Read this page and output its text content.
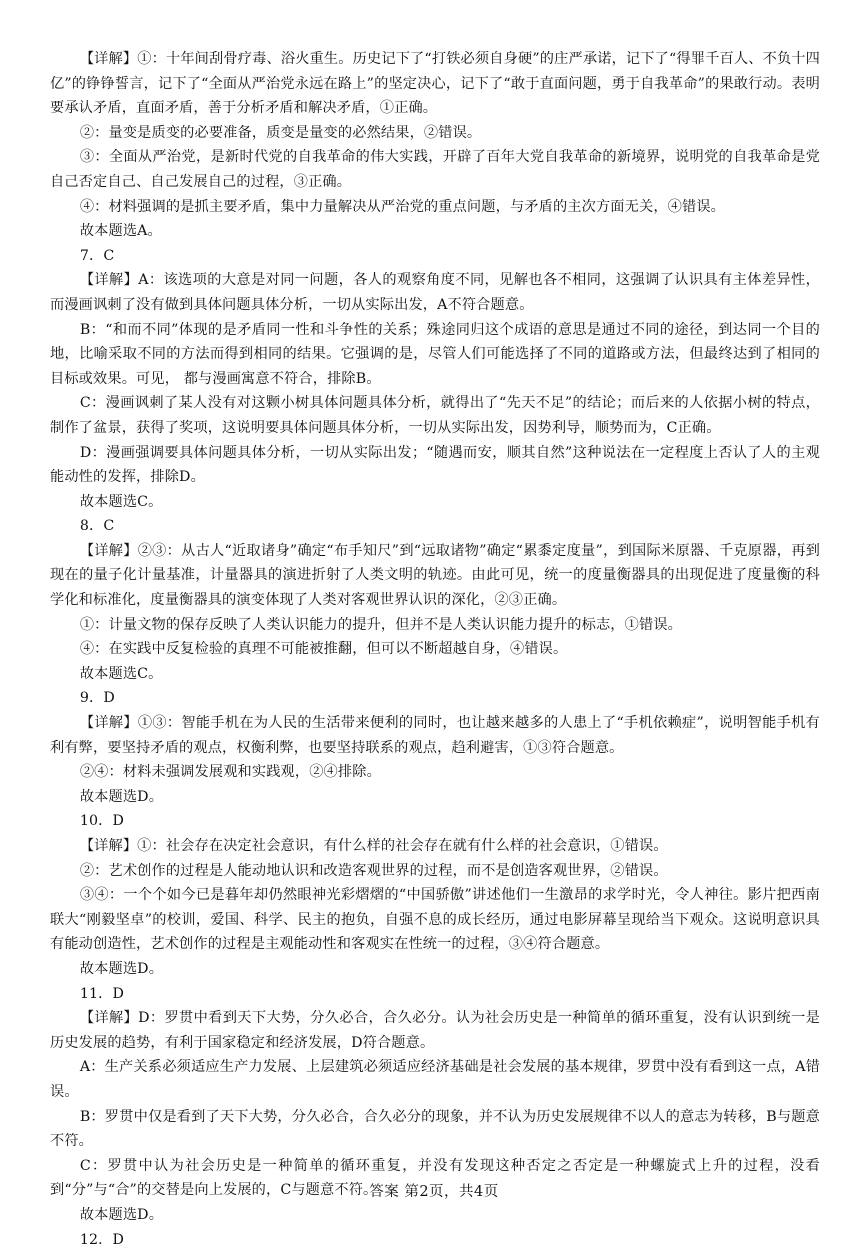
【详解】①：十年间刮骨疗毒、浴火重生。历史记下了“打铁必须自身硬”的庄严承诺，记下了“得罪千百人、不负十四亿”的铮铮誓言，记下了“全面从严治党永远在路上”的坚定决心，记下了“敢于直面问题，勇于自我革命”的果敢行动。表明要承认矛盾，直面矛盾，善于分析矛盾和解决矛盾，①正确。

②：量变是质变的必要准备，质变是量变的必然结果，②错误。

③：全面从严治党，是新时代党的自我革命的伟大实践，开辟了百年大党自我革命的新境界，说明党的自我革命是党自己否定自己、自己发展自己的过程，③正确。

④：材料强调的是抓主要矛盾，集中力量解决从严治党的重点问题，与矛盾的主次方面无关，④错误。

故本题选A。

7．C

【详解】A：该选项的大意是对同一问题，各人的观察角度不同，见解也各不相同，这强调了认识具有主体差异性，而漫画讽刺了没有做到具体问题具体分析，一切从实际出发，A不符合题意。

B：“和而不同”体现的是矛盾同一性和斗争性的关系；殊途同归这个成语的意思是通过不同的途径，到达同一个目的地，比喻采取不同的方法而得到相同的结果。它强调的是，尽管人们可能选择了不同的道路或方法，但最终达到了相同的目标或效果。可见， 都与漫画寓意不符合，排除B。

C：漫画讽刺了某人没有对这颗小树具体问题具体分析，就得出了“先天不足”的结论；而后来的人依据小树的特点，制作了盆景，获得了奖项，这说明要具体问题具体分析，一切从实际出发，因势利导，顺势而为，C正确。

D：漫画强调要具体问题具体分析，一切从实际出发；“随遇而安，顺其自然”这种说法在一定程度上否认了人的主观能动性的发挥，排除D。

故本题选C。

8．C

【详解】②③：从古人“近取诸身”确定“布手知尺”到“远取诸物”确定“累黍定度量”，到国际米原器、千克原器，再到现在的量子化计量基准，计量器具的演进折射了人类文明的轨迹。由此可见，统一的度量衡器具的出现促进了度量衡的科学化和标准化，度量衡器具的演变体现了人类对客观世界认识的深化，②③正确。

①：计量文物的保存反映了人类认识能力的提升，但并不是人类认识能力提升的标志，①错误。

④：在实践中反复检验的真理不可能被推翻，但可以不断超越自身，④错误。

故本题选C。

9．D

【详解】①③：智能手机在为人民的生活带来便利的同时，也让越来越多的人患上了“手机依赖症”，说明智能手机有利有弊，要坚持矛盾的观点，权衡利弊，也要坚持联系的观点，趋利避害，①③符合题意。

②④：材料未强调发展观和实践观，②④排除。

故本题选D。

10．D

【详解】①：社会存在决定社会意识，有什么样的社会存在就有什么样的社会意识，①错误。

②：艺术创作的过程是人能动地认识和改造客观世界的过程，而不是创造客观世界，②错误。

③④：一个个如今已是暮年却仍然眼神光彩熠熠的“中国骄傲”讲述他们一生激昂的求学时光，令人神往。影片把西南联大“刚毅坚卓”的校训，爱国、科学、民主的抱负，自强不息的成长经历，通过电影屏幕呈现给当下观众。这说明意识具有能动创造性，艺术创作的过程是主观能动性和客观实在性统一的过程，③④符合题意。

故本题选D。

11．D

【详解】D：罗贯中看到天下大势，分久必合，合久必分。认为社会历史是一种简单的循环重复，没有认识到统一是历史发展的趋势，有利于国家稳定和经济发展，D符合题意。

A：生产关系必须适应生产力发展、上层建筑必须适应经济基础是社会发展的基本规律，罗贯中没有看到这一点，A错误。

B：罗贯中仅是看到了天下大势，分久必合，合久必分的现象，并不认为历史发展规律不以人的意志为转移，B与题意不符。

C：罗贯中认为社会历史是一种简单的循环重复，并没有发现这种否定之否定是一种螺旋式上升的过程，没看到“分”与“合”的交替是向上发展的，C与题意不符。

故本题选D。

12．D

答案 第2页，共4页
